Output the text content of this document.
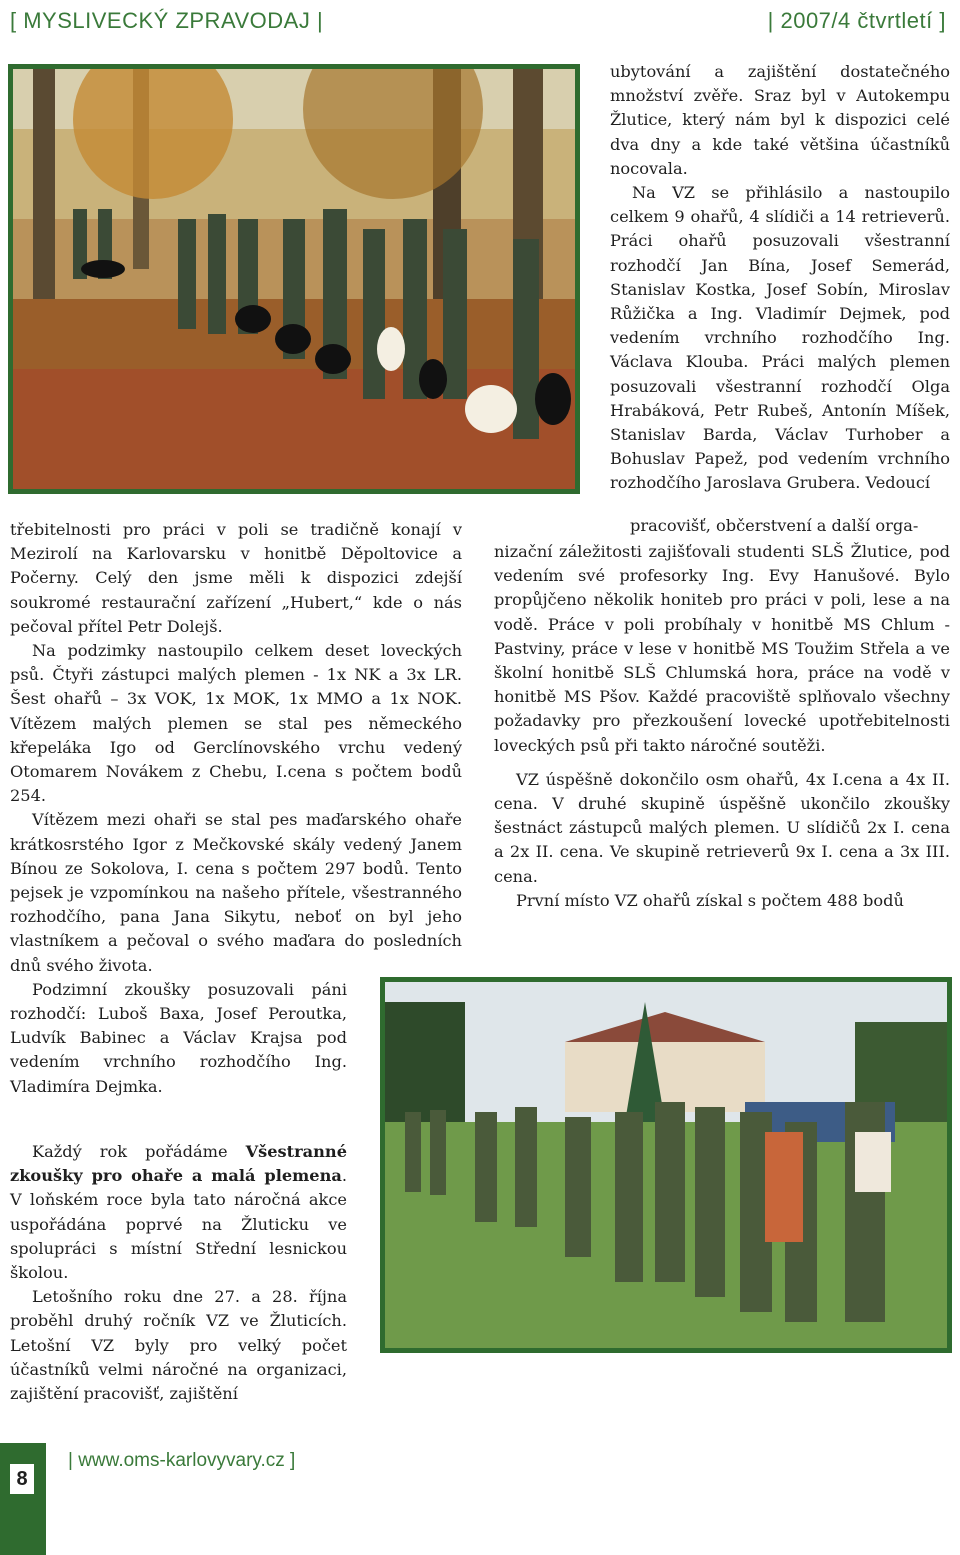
[ MYSLIVECKÝ ZPRAVODAJ |	| 2007/4 čtvrtletí ]

ubytování a zajištění dostatečného množství zvěře. Sraz byl v Autokempu Žlutice, který nám byl k dispozici celé dva dny a kde také většina účastníků nocovala.

Na VZ se přihlásilo a nastoupilo celkem 9 ohařů, 4 slídiči a 14 retrieverů. Práci ohařů posuzovali všestranní rozhodčí Jan Bína, Josef Semerád, Stanislav Kostka, Josef Sobín, Miroslav Růžička a Ing. Vladimír Dejmek, pod vedením vrchního rozhodčího Ing. Václava Klouba. Práci malých plemen posuzovali všestranní rozhodčí Olga Hrabáková, Petr Rubeš, Antonín Míšek, Stanislav Barda, Václav Turhober a Bohuslav Papež, pod vedením vrchního rozhodčího Jaroslava Grubera. Vedoucí

pracovišť, občerstvení a další orga-

nizační záležitosti zajišťovali studenti SLŠ Žlutice, pod vedením své profesorky Ing. Evy Hanušové. Bylo propůjčeno několik honiteb pro práci v poli, lese a na vodě. Práce v poli probíhaly v honitbě MS Chlum - Pastviny, práce v lese v honitbě MS Toužim Střela a ve školní honitbě SLŠ Chlumská hora, práce na vodě v honitbě MS Pšov. Každé pracoviště splňovalo všechny požadavky pro přezkoušení lovecké upotřebitelnosti loveckých psů při takto náročné soutěži.

VZ úspěšně dokončilo osm ohařů, 4x I.cena a 4x II. cena. V druhé skupině úspěšně ukončilo zkoušky šestnáct zástupců malých plemen. U slídičů 2x I. cena a 2x II. cena. Ve skupině retrieverů 9x I. cena a 3x III. cena.

První místo VZ ohařů získal s počtem 488 bodů

třebitelnosti pro práci v poli se tradičně konají v Mezirolí na Karlovarsku v honitbě Děpoltovice a Počerny. Celý den jsme měli k dispozici zdejší soukromé restaurační zařízení „Hubert,“ kde o nás pečoval přítel Petr Dolejš.

Na podzimky nastoupilo celkem deset loveckých psů. Čtyři zástupci malých plemen - 1x NK a 3x LR. Šest ohařů – 3x VOK, 1x MOK, 1x MMO a 1x NOK. Vítězem malých plemen se stal pes německého křepeláka Igo od Gerclínovského vrchu vedený Otomarem Novákem z Chebu, I.cena s počtem bodů 254.

Vítězem mezi ohaři se stal pes maďarského ohaře krátkosrstého Igor z Mečkovské skály vedený Janem Bínou ze Sokolova, I. cena s počtem 297 bodů. Tento pejsek je vzpomínkou na našeho přítele, všestranného rozhodčího, pana Jana Sikytu, neboť on byl jeho vlastníkem a pečoval o svého maďara do posledních dnů svého života.

Podzimní zkoušky posuzovali páni rozhodčí: Luboš Baxa, Josef Peroutka, Ludvík Babinec a Václav Krajsa pod vedením vrchního rozhodčího Ing. Vladimíra Dejmka.

Každý rok pořádáme Všestranné zkoušky pro ohaře a malá plemena. V loňském roce byla tato náročná akce uspořádána poprvé na Žluticku ve spolupráci s místní Střední lesnickou školou.

Letošního roku dne 27. a 28. října proběhl druhý ročník VZ ve Žluticích. Letošní VZ byly pro velký počet účastníků velmi náročné na organizaci, zajištění pracovišť, zajištění

8
| www.oms-karlovyvary.cz ]
